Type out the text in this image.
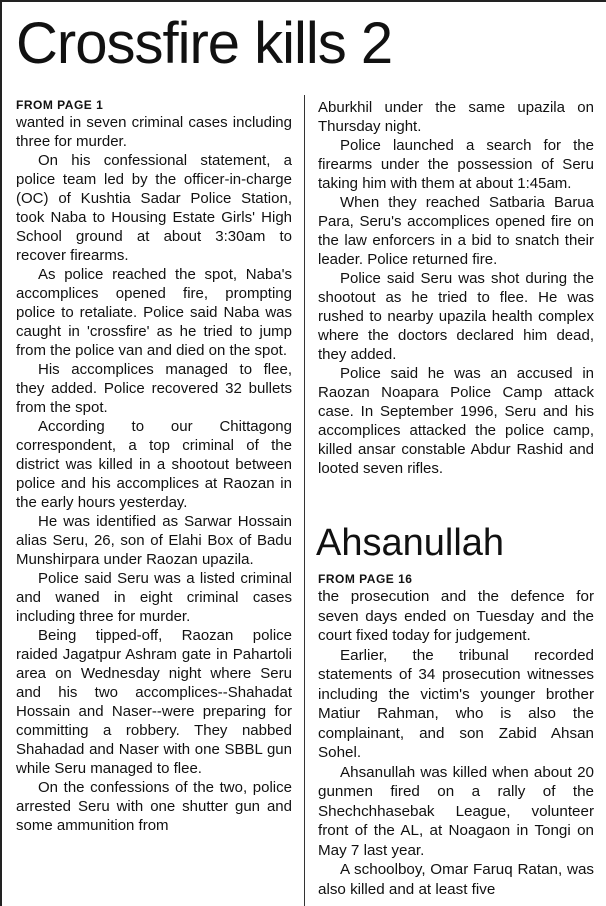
Crossfire kills 2
FROM PAGE 1

wanted in seven criminal cases including three for murder.

On his confessional statement, a police team led by the officer-in-charge (OC) of Kushtia Sadar Police Station, took Naba to Housing Estate Girls' High School ground at about 3:30am to recover firearms.

As police reached the spot, Naba's accomplices opened fire, prompting police to retaliate. Police said Naba was caught in 'crossfire' as he tried to jump from the police van and died on the spot.

His accomplices managed to flee, they added. Police recovered 32 bullets from the spot.

According to our Chittagong correspondent, a top criminal of the district was killed in a shootout between police and his accomplices at Raozan in the early hours yesterday.

He was identified as Sarwar Hossain alias Seru, 26, son of Elahi Box of Badu Munshirpara under Raozan upazila.

Police said Seru was a listed criminal and waned in eight criminal cases including three for murder.

Being tipped-off, Raozan police raided Jagatpur Ashram gate in Pahartoli area on Wednesday night where Seru and his two accomplices--Shahadat Hossain and Naser--were preparing for committing a robbery. They nabbed Shahadad and Naser with one SBBL gun while Seru managed to flee.

On the confessions of the two, police arrested Seru with one shutter gun and some ammunition from

Aburkhil under the same upazila on Thursday night.

Police launched a search for the firearms under the possession of Seru taking him with them at about 1:45am.

When they reached Satbaria Barua Para, Seru's accomplices opened fire on the law enforcers in a bid to snatch their leader. Police returned fire.

Police said Seru was shot during the shootout as he tried to flee. He was rushed to nearby upazila health complex where the doctors declared him dead, they added.

Police said he was an accused in Raozan Noapara Police Camp attack case. In September 1996, Seru and his accomplices attacked the police camp, killed ansar constable Abdur Rashid and looted seven rifles.

Ahsanullah
FROM PAGE 16

the prosecution and the defence for seven days ended on Tuesday and the court fixed today for judgement.

Earlier, the tribunal recorded statements of 34 prosecution witnesses including the victim's younger brother Matiur Rahman, who is also the complainant, and son Zabid Ahsan Sohel.

Ahsanullah was killed when about 20 gunmen fired on a rally of the Shechchhasebak League, volunteer front of the AL, at Noagaon in Tongi on May 7 last year.

A schoolboy, Omar Faruq Ratan, was also killed and at least five
